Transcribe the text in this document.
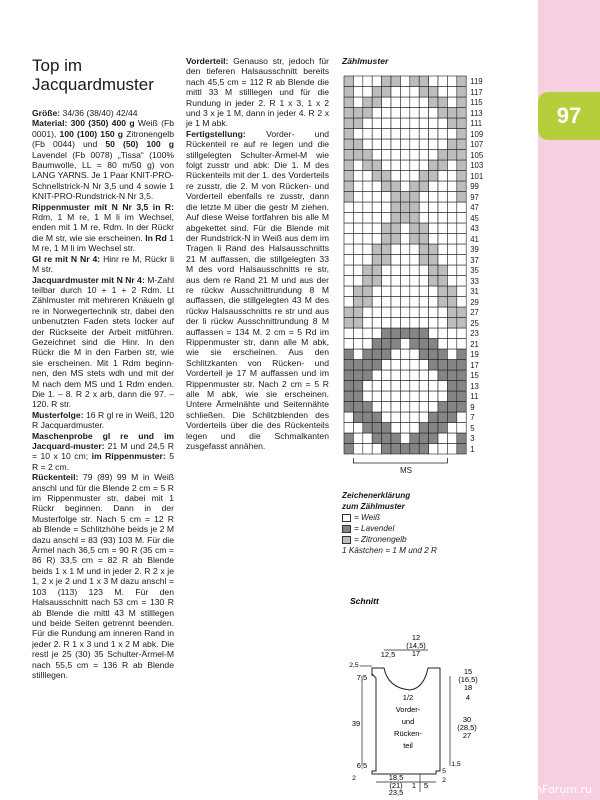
Top im
Jacquardmuster

Größe: 34/36 (38/40) 42/44

Material: 300 (350) 400 g Weiß (Fb 0001), 100 (100) 150 g Zitronengelb (Fb 0044) und 50 (50) 100 g Lavendel (Fb 0078) „Tissa“ (100% Baumwolle, LL = 80 m/50 g) von LANG YARNS. Je 1 Paar KNIT-PRO-Schnellstrick-N Nr 3,5 und 4 sowie 1 KNIT-PRO-Rundstrick-N Nr 3,5.

Rippenmuster mit N Nr 3,5 in R: Rdm, 1 M re, 1 M li im Wechsel, enden mit 1 M re, Rdm. In der Rückr die M str, wie sie erscheinen. In Rd 1 M re, 1 M li im Wechsel str.

Gl re mit N Nr 4: Hinr re M, Rückr li M str.

Jacquardmuster mit N Nr 4: M-Zahl teilbar durch 10 + 1 + 2 Rdm. Lt Zählmuster mit mehreren Knäueln gl re in Norwegertechnik str, dabei den unbenutzten Faden stets locker auf der Rückseite der Arbeit mitführen. Gezeichnet sind die Hinr. In den Rückr die M in den Farben str, wie sie erscheinen. Mit 1 Rdm beginn-nen, den MS stets wdh und mit der M nach dem MS und 1 Rdm enden. Die 1. – 8. R 2 x arb, dann die 97. – 120. R str.

Musterfolge: 16 R gl re in Weiß, 120 R Jacquardmuster.

Maschenprobe gl re und im Jacquard-muster: 21 M und 24,5 R = 10 x 10 cm; im Rippenmuster: 5 R = 2 cm.

Rückenteil: 79 (89) 99 M in Weiß anschl und für die Blende 2 cm = 5 R im Rippenmuster str, dabei mit 1 Rückr beginnen. Dann in der Musterfolge str. Nach 5 cm = 12 R ab Blende = Schlitzhöhe beids je 2 M dazu anschl = 83 (93) 103 M. Für die Ärmel nach 36,5 cm = 90 R (35 cm = 86 R) 33,5 cm = 82 R ab Blende beids 1 x 1 M und in jeder 2. R 2 x je 1, 2 x je 2 und 1 x 3 M dazu anschl = 103 (113) 123 M. Für den Halsausschnitt nach 53 cm = 130 R ab Blende die mittl 43 M stilllegen und beide Seiten getrennt beenden. Für die Rundung am inneren Rand in jeder 2. R 1 x 3 und 1 x 2 M abk. Die restl je 25 (30) 35 Schulter-Ärmel-M nach 55,5 cm = 136 R ab Blende stilllegen.

Vorderteil: Genauso str, jedoch für den tieferen Halsausschnitt bereits nach 45,5 cm = 112 R ab Blende die mittl 33 M stilllegen und für die Rundung in jeder 2. R 1 x 3, 1 x 2 und 3 x je 1 M, dann in jeder 4. R 2 x je 1 M abk.

Fertigstellung: Vorder- und Rückenteil re auf re legen und die stillgelegten Schulter-Ärmel-M wie folgt zusstr und abk: Die 1. M des Rückenteils mit der 1. des Vorderteils re zusstr, die 2. M von Rücken- und Vorderteil ebenfalls re zusstr, dann die letzte M über die gestr M ziehen. Auf diese Weise fortfahren bis alle M abgekettet sind. Für die Blende mit der Rundstrick-N in Weiß aus dem im Tragen li Rand des Halsausschnitts 21 M auffassen, die stillgelegten 33 M des vord Halsausschnitts re str, aus dem re Rand 21 M und aus der re rückw Ausschnittrundung 8 M auffassen, die stillgelegten 43 M des rückw Halsausschnitts re str und aus der li rückw Ausschnittrundung 8 M auffassen = 134 M. 2 cm = 5 Rd im Rippenmuster str, dann alle M abk, wie sie erscheinen. Aus den Schlitzkanten von Rücken- und Vorderteil je 17 M auffassen und im Rippenmuster str. Nach 2 cm = 5 R alle M abk, wie sie erscheinen. Untere Ärmelnähte und Seitennähte schließen. Die Schlitzblenden des Vorderteils über die des Rückenteils legen und die Schmalkanten zusgefasst annähen.

Zählmuster
119
117
115
113
111
109
107
105
103
101
99
97
47
45
43
41
39
37
35
33
31
29
27
25
23
21
19
17
15
13
11
9
7
5
3
1
MS
Zeichenerklärung
zum Zählmuster
= Weiß
= Lavendel
= Zitronengelb
1 Kästchen = 1 M und 2 R
Schnitt
12
(14,5)
17
12,5
2,5
7,5
15
(16,5)
18
4
39	30
(28,5)
27
6,5
2
1,5
5
2
18,5
(21)
23,5
5
1
1/2
Vorder-
und
Rücken-
teil
97
PassionForum.ru
